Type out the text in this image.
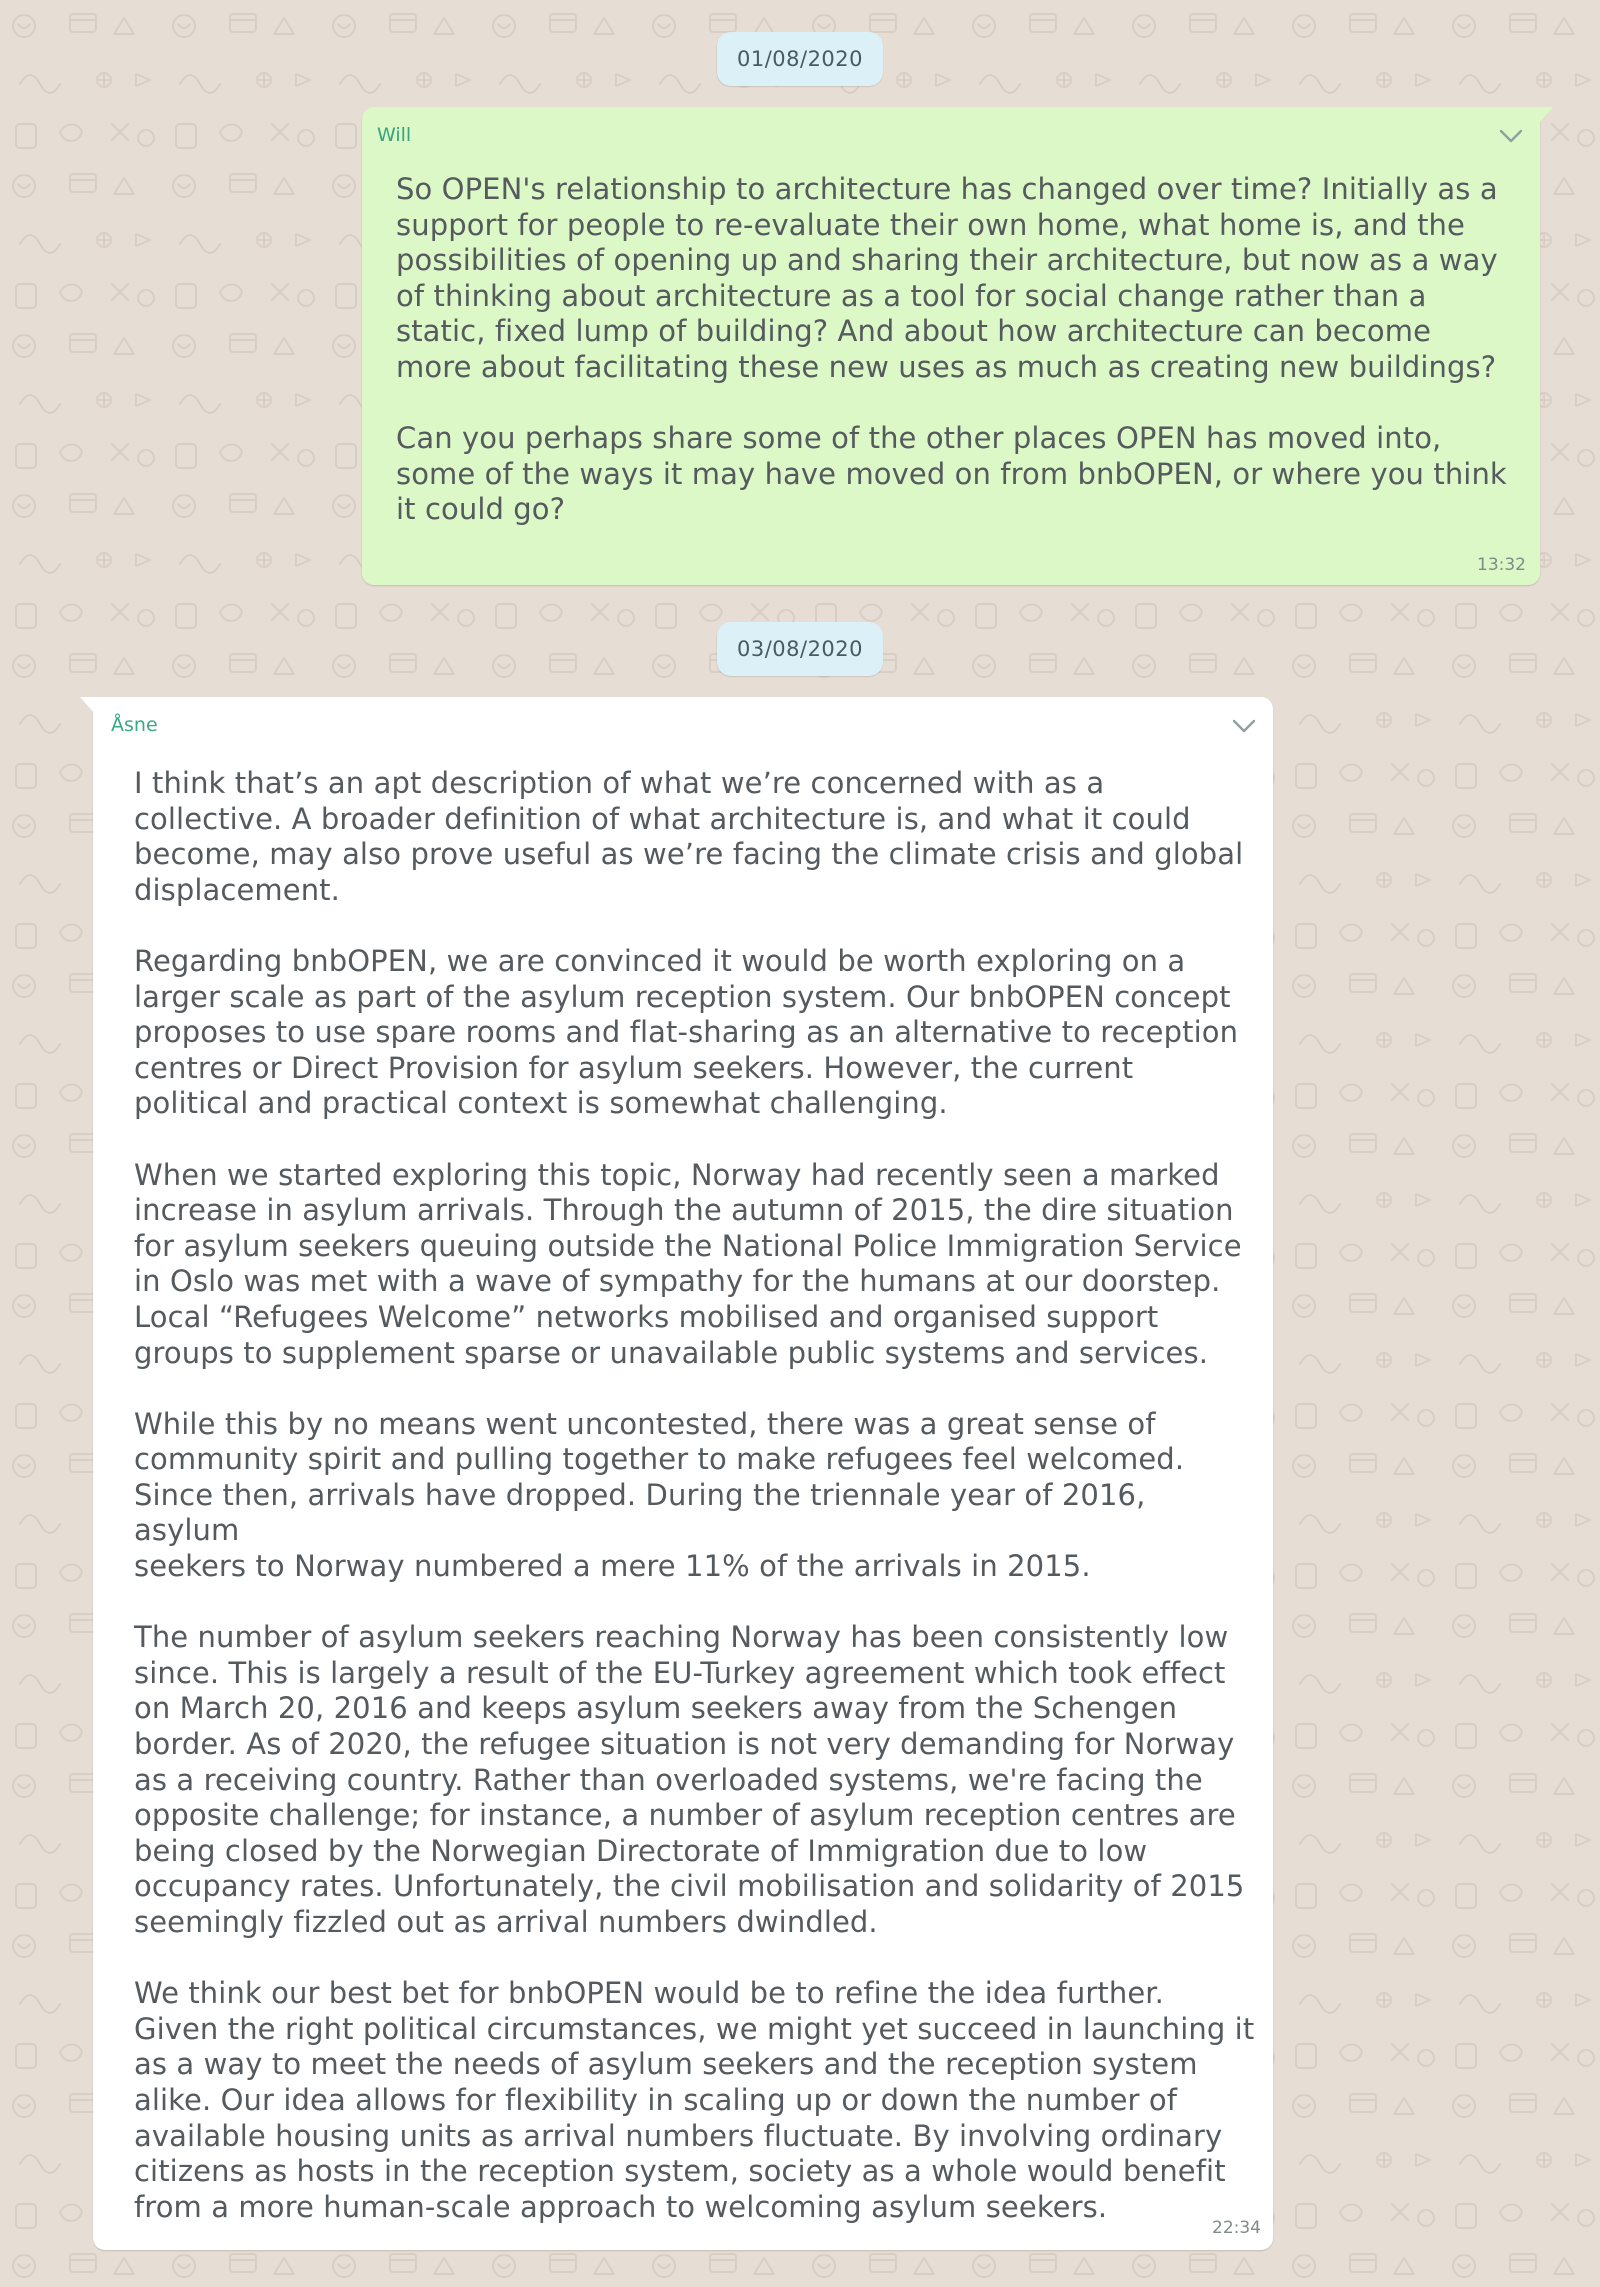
01/08/2020
Will
So OPEN's relationship to architecture has changed over time? Initially as a
support for people to re-evaluate their own home, what home is, and the
possibilities of opening up and sharing their architecture, but now as a way
of thinking about architecture as a tool for social change rather than a
static, fixed lump of building? And about how architecture can become
more about facilitating these new uses as much as creating new buildings?

Can you perhaps share some of the other places OPEN has moved into,
some of the ways it may have moved on from bnbOPEN, or where you think
it could go?
13:32
03/08/2020
Åsne
I think that’s an apt description of what we’re concerned with as a
collective. A broader definition of what architecture is, and what it could
become, may also prove useful as we’re facing the climate crisis and global
displacement.

Regarding bnbOPEN, we are convinced it would be worth exploring on a
larger scale as part of the asylum reception system. Our bnbOPEN concept
proposes to use spare rooms and flat-sharing as an alternative to reception
centres or Direct Provision for asylum seekers. However, the current
political and practical context is somewhat challenging.

When we started exploring this topic, Norway had recently seen a marked
increase in asylum arrivals. Through the autumn of 2015, the dire situation
for asylum seekers queuing outside the National Police Immigration Service
in Oslo was met with a wave of sympathy for the humans at our doorstep.
Local “Refugees Welcome” networks mobilised and organised support
groups to supplement sparse or unavailable public systems and services.

While this by no means went uncontested, there was a great sense of
community spirit and pulling together to make refugees feel welcomed.
Since then, arrivals have dropped. During the triennale year of 2016, asylum
seekers to Norway numbered a mere 11% of the arrivals in 2015.

The number of asylum seekers reaching Norway has been consistently low
since. This is largely a result of the EU-Turkey agreement which took effect
on March 20, 2016 and keeps asylum seekers away from the Schengen
border. As of 2020, the refugee situation is not very demanding for Norway
as a receiving country. Rather than overloaded systems, we're facing the
opposite challenge; for instance, a number of asylum reception centres are
being closed by the Norwegian Directorate of Immigration due to low
occupancy rates. Unfortunately, the civil mobilisation and solidarity of 2015
seemingly fizzled out as arrival numbers dwindled.

We think our best bet for bnbOPEN would be to refine the idea further.
Given the right political circumstances, we might yet succeed in launching it
as a way to meet the needs of asylum seekers and the reception system
alike. Our idea allows for flexibility in scaling up or down the number of
available housing units as arrival numbers fluctuate. By involving ordinary
citizens as hosts in the reception system, society as a whole would benefit
from a more human-scale approach to welcoming asylum seekers.
22:34
